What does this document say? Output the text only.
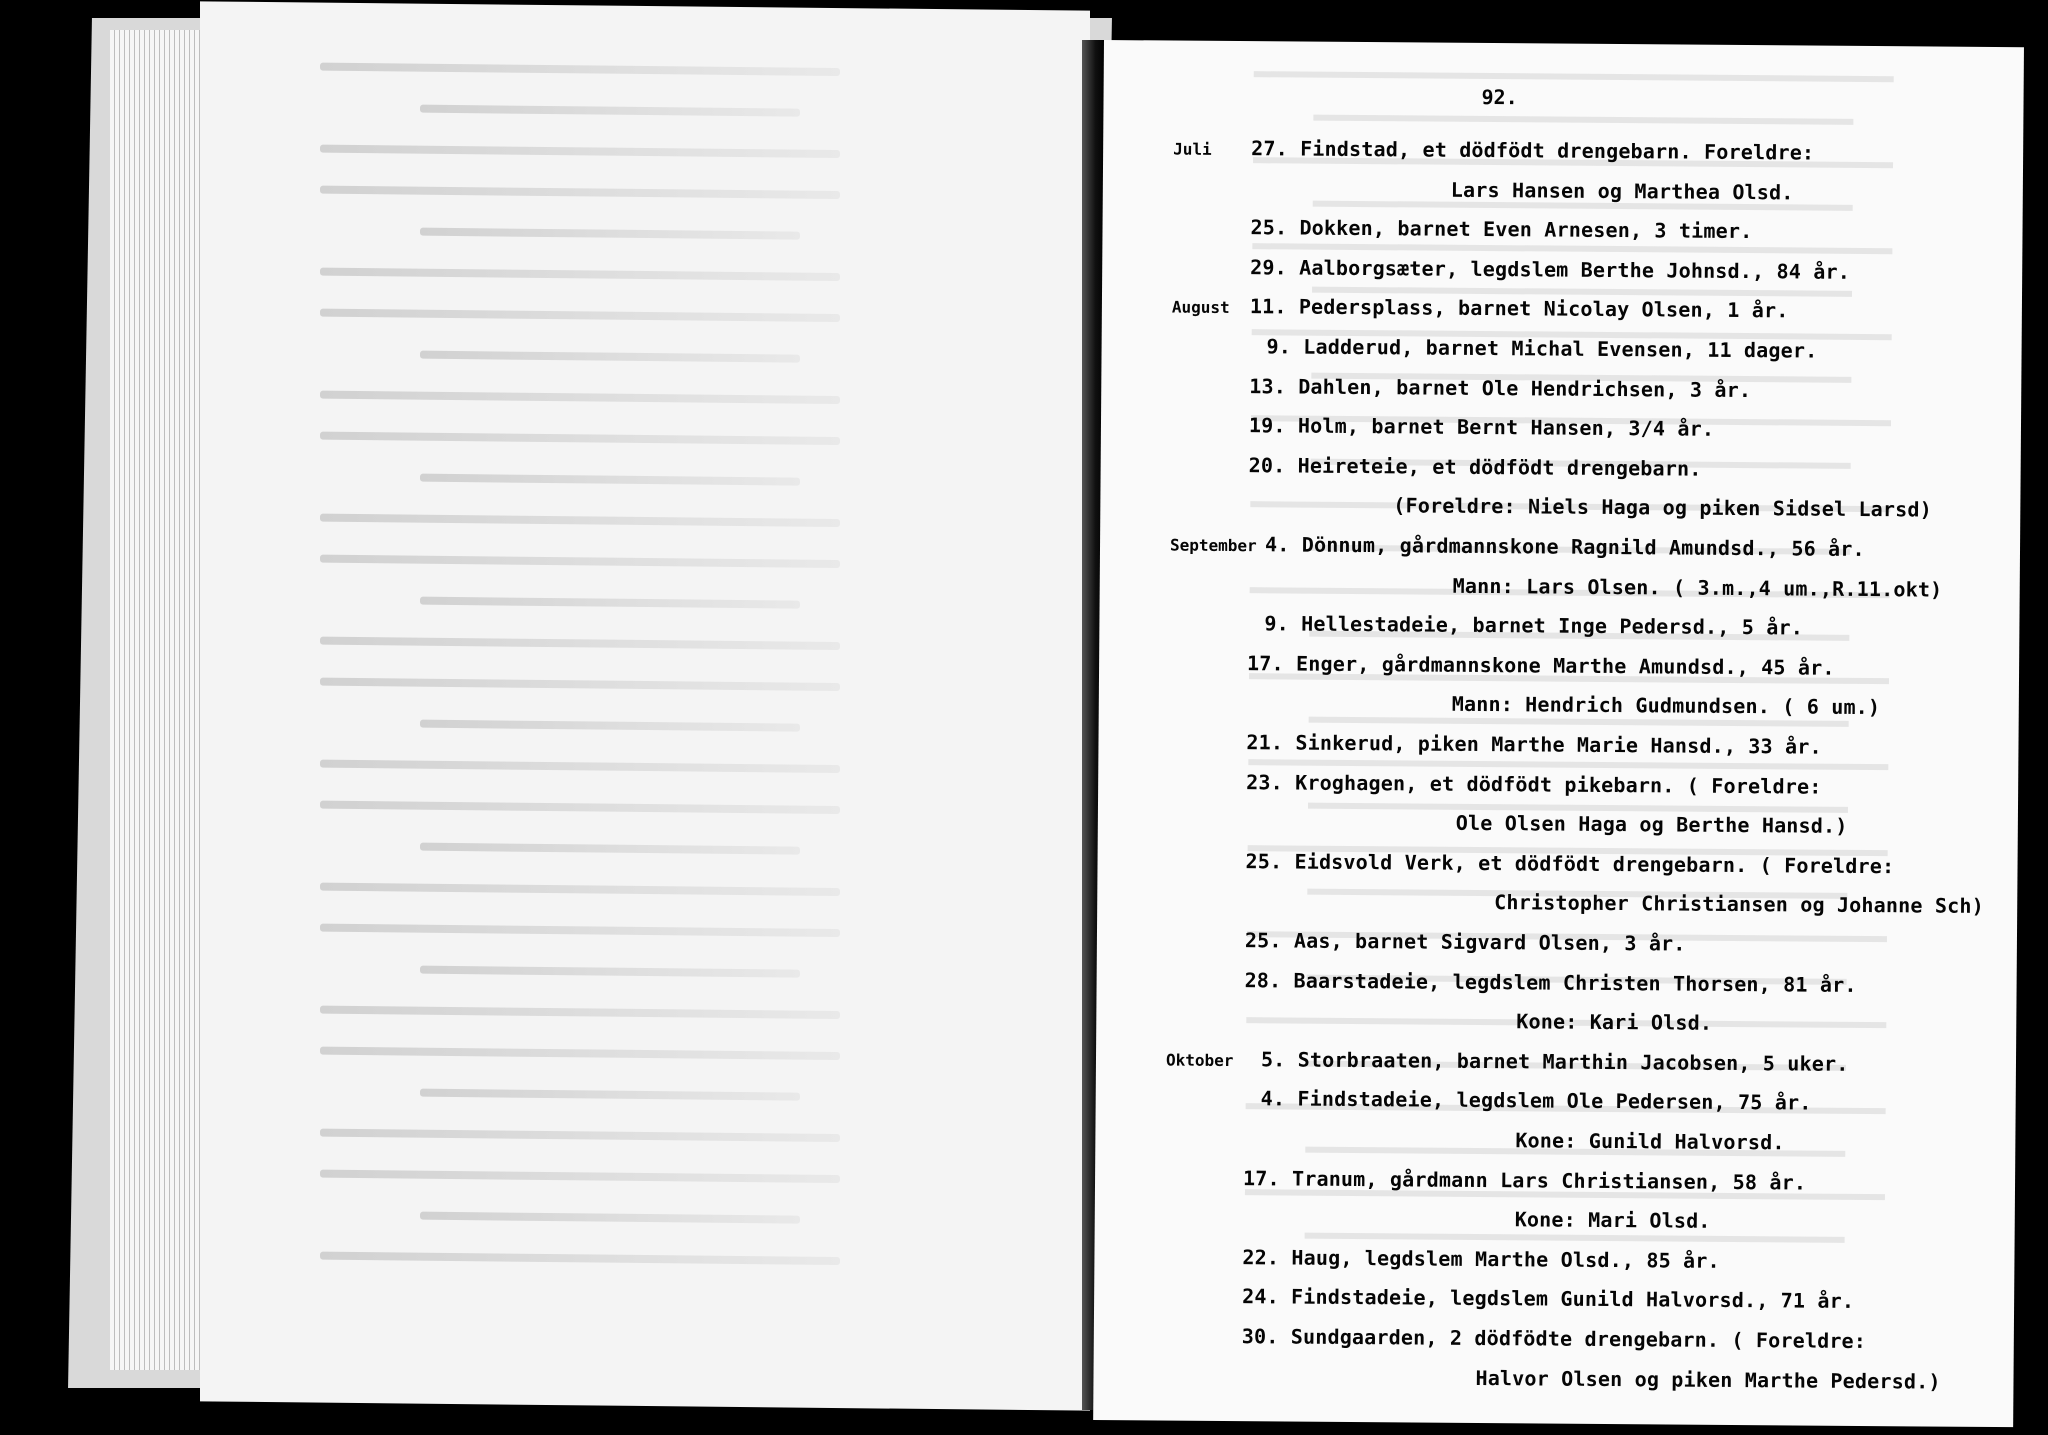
92.
Juli
August
September
Oktober
27. Findstad, et dödfödt drengebarn. Foreldre:
Lars Hansen og Marthea Olsd.
25. Dokken, barnet Even Arnesen, 3 timer.
29. Aalborgsæter, legdslem Berthe Johnsd., 84 år.
11. Pedersplass, barnet Nicolay Olsen, 1 år.
9. Ladderud, barnet Michal Evensen, 11 dager.
13. Dahlen, barnet Ole Hendrichsen, 3 år.
19. Holm, barnet Bernt Hansen, 3/4 år.
20. Heireteie, et dödfödt drengebarn.
(Foreldre: Niels Haga og piken Sidsel Larsd)
4. Dönnum, gårdmannskone Ragnild Amundsd., 56 år.
Mann: Lars Olsen. ( 3.m.,4 um.,R.11.okt)
9. Hellestadeie, barnet Inge Pedersd., 5 år.
17. Enger, gårdmannskone Marthe Amundsd., 45 år.
Mann: Hendrich Gudmundsen. ( 6 um.)
21. Sinkerud, piken Marthe Marie Hansd., 33 år.
23. Kroghagen, et dödfödt pikebarn. ( Foreldre:
Ole Olsen Haga og Berthe Hansd.)
25. Eidsvold Verk, et dödfödt drengebarn. ( Foreldre:
Christopher Christiansen og Johanne Sch)
25. Aas, barnet Sigvard Olsen, 3 år.
28. Baarstadeie, legdslem Christen Thorsen, 81 år.
Kone: Kari Olsd.
5. Storbraaten, barnet Marthin Jacobsen, 5 uker.
4. Findstadeie, legdslem Ole Pedersen, 75 år.
Kone: Gunild Halvorsd.
17. Tranum, gårdmann Lars Christiansen, 58 år.
Kone: Mari Olsd.
22. Haug, legdslem Marthe Olsd., 85 år.
24. Findstadeie, legdslem Gunild Halvorsd., 71 år.
30. Sundgaarden, 2 dödfödte drengebarn. ( Foreldre:
Halvor Olsen og piken Marthe Pedersd.)
